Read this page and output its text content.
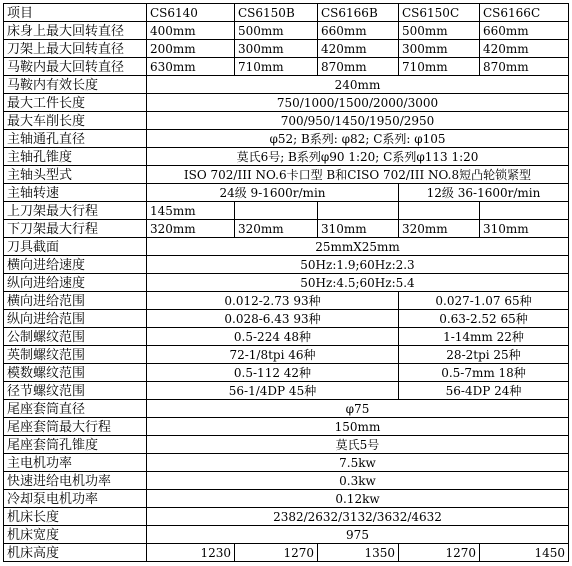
项目	CS6140	CS6150B	CS6166B	CS6150C	CS6166C
床身上最大回转直径	400mm	500mm	660mm	500mm	660mm
刀架上最大回转直径	200mm	300mm	420mm	300mm	420mm
马鞍内最大回转直径	630mm	710mm	870mm	710mm	870mm
马鞍内有效长度	240mm				
最大工件长度	750/1000/1500/2000/3000				
最大车削长度	700/950/1450/1950/2950				
主轴通孔直径	φ52; B系列: φ82; C系列: φ105				
主轴孔锥度	莫氏6号; B系列φ90 1:20; C系列φ113 1:20				
主轴头型式	ISO 702/III NO.6卡口型 B和CISO 702/III NO.8短凸轮锁紧型				
主轴转速	24级 9-1600r/min			12级 36-1600r/min	
上刀架最大行程	145mm				
下刀架最大行程	320mm	320mm	310mm	320mm	310mm
刀具截面	25mmX25mm				
横向进给速度	50Hz:1.9;60Hz:2.3				
纵向进给速度	50Hz:4.5;60Hz:5.4				
横向进给范围	0.012-2.73 93种			0.027-1.07 65种	
纵向进给范围	0.028-6.43 93种			0.63-2.52 65种	
公制螺纹范围	0.5-224 48种			1-14mm 22种	
英制螺纹范围	72-1/8tpi 46种			28-2tpi 25种	
模数螺纹范围	0.5-112 42种			0.5-7mm 18种	
径节螺纹范围	56-1/4DP 45种			56-4DP 24种	
尾座套筒直径	φ75				
尾座套筒最大行程	150mm				
尾座套筒孔锥度	莫氏5号				
主电机功率	7.5kw				
快速进给电机功率	0.3kw				
冷却泵电机功率	0.12kw				
机床长度	2382/2632/3132/3632/4632				
机床宽度	975				
机床高度	1230	1270	1350	1270	1450
